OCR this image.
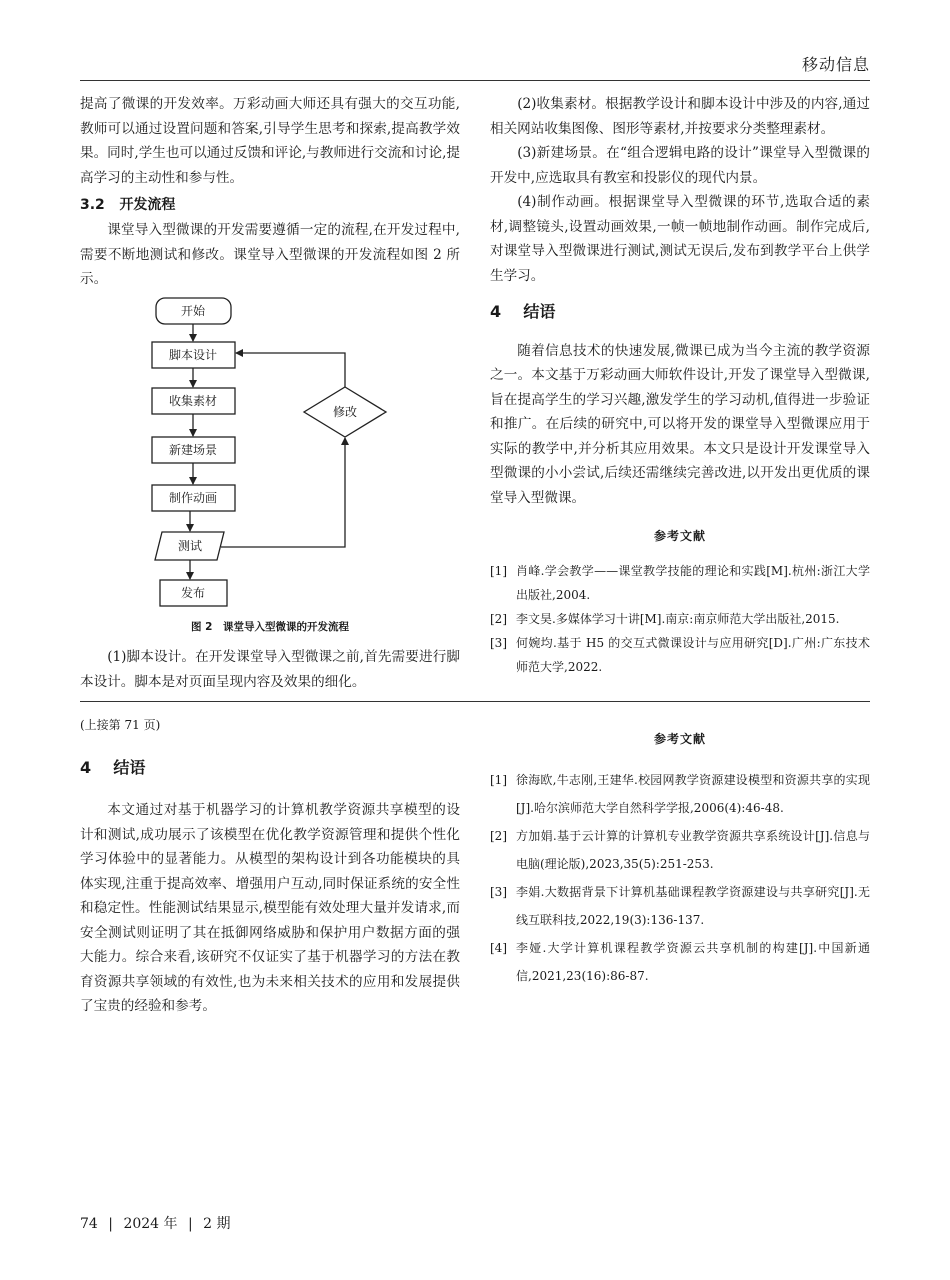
移动信息

提高了微课的开发效率。万彩动画大师还具有强大的交互功能,教师可以通过设置问题和答案,引导学生思考和探索,提高教学效果。同时,学生也可以通过反馈和评论,与教师进行交流和讨论,提高学习的主动性和参与性。

3.2 开发流程

课堂导入型微课的开发需要遵循一定的流程,在开发过程中,需要不断地测试和修改。课堂导入型微课的开发流程如图 2 所示。

开始
脚本设计
收集素材
新建场景
制作动画
测试
发布
修改
图 2　课堂导入型微课的开发流程

(1)脚本设计。在开发课堂导入型微课之前,首先需要进行脚本设计。脚本是对页面呈现内容及效果的细化。

(2)收集素材。根据教学设计和脚本设计中涉及的内容,通过相关网站收集图像、图形等素材,并按要求分类整理素材。

(3)新建场景。在“组合逻辑电路的设计”课堂导入型微课的开发中,应选取具有教室和投影仪的现代内景。

(4)制作动画。根据课堂导入型微课的环节,选取合适的素材,调整镜头,设置动画效果,一帧一帧地制作动画。制作完成后,对课堂导入型微课进行测试,测试无误后,发布到教学平台上供学生学习。

4 结语

随着信息技术的快速发展,微课已成为当今主流的教学资源之一。本文基于万彩动画大师软件设计,开发了课堂导入型微课,旨在提高学生的学习兴趣,激发学生的学习动机,值得进一步验证和推广。在后续的研究中,可以将开发的课堂导入型微课应用于实际的教学中,并分析其应用效果。本文只是设计开发课堂导入型微课的小小尝试,后续还需继续完善改进,以开发出更优质的课堂导入型微课。

参考文献
[1] 肖峰.学会教学——课堂教学技能的理论和实践[M].杭州:浙江大学出版社,2004.
[2] 李文昊.多媒体学习十讲[M].南京:南京师范大学出版社,2015.
[3] 何婉均.基于 H5 的交互式微课设计与应用研究[D].广州:广东技术师范大学,2022.
(上接第 71 页)
4 结语

本文通过对基于机器学习的计算机教学资源共享模型的设计和测试,成功展示了该模型在优化教学资源管理和提供个性化学习体验中的显著能力。从模型的架构设计到各功能模块的具体实现,注重于提高效率、增强用户互动,同时保证系统的安全性和稳定性。性能测试结果显示,模型能有效处理大量并发请求,而安全测试则证明了其在抵御网络威胁和保护用户数据方面的强大能力。综合来看,该研究不仅证实了基于机器学习的方法在教育资源共享领域的有效性,也为未来相关技术的应用和发展提供了宝贵的经验和参考。

参考文献
[1] 徐海欧,牛志刚,王建华.校园网教学资源建设模型和资源共享的实现[J].哈尔滨师范大学自然科学学报,2006(4):46-48.
[2] 方加娟.基于云计算的计算机专业教学资源共享系统设计[J].信息与电脑(理论版),2023,35(5):251-253.
[3] 李娟.大数据背景下计算机基础课程教学资源建设与共享研究[J].无线互联科技,2022,19(3):136-137.
[4] 李娅.大学计算机课程教学资源云共享机制的构建[J].中国新通信,2021,23(16):86-87.
74 | 2024 年 | 2 期
